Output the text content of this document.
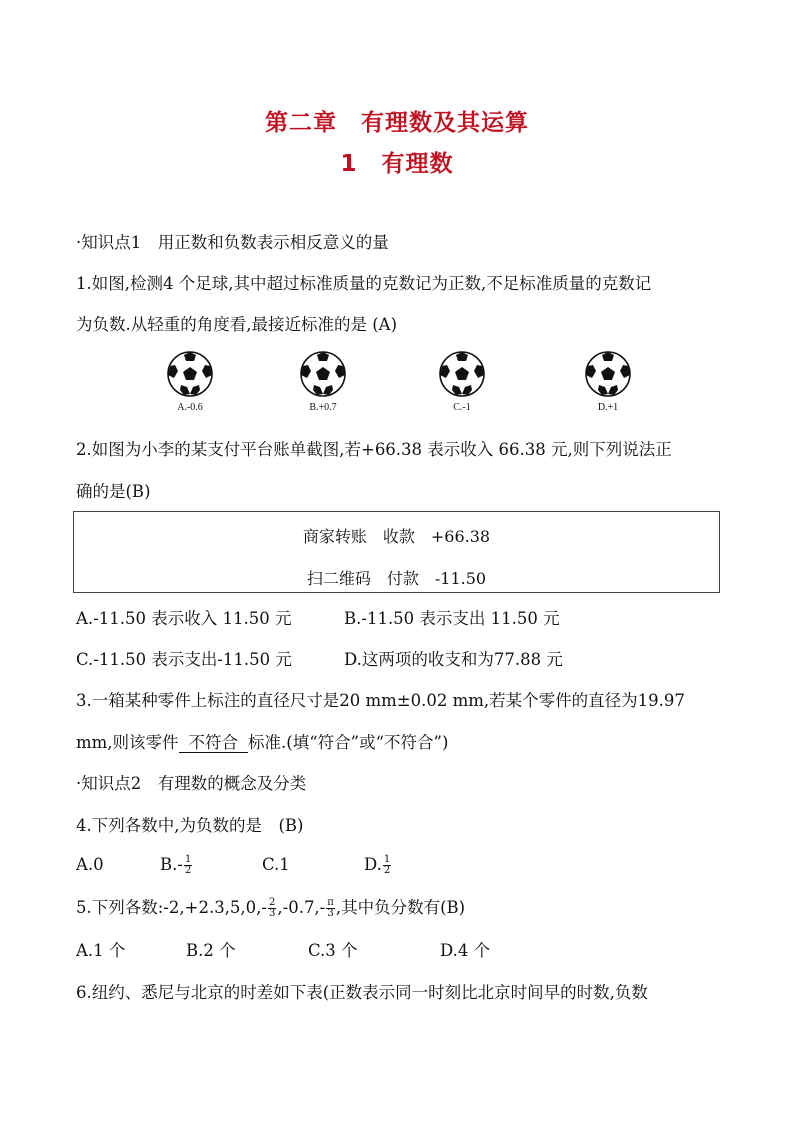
第二章　有理数及其运算
1　有理数
·知识点1　用正数和负数表示相反意义的量
1.如图,检测4 个足球,其中超过标准质量的克数记为正数,不足标准质量的克数记
为负数.从轻重的角度看,最接近标准的是 (A)
A.-0.6	B.+0.7	C.-1	D.+1
2.如图为小李的某支付平台账单截图,若+66.38 表示收入 66.38 元,则下列说法正
确的是(B)
商家转账　收款　+66.38
扫二维码　付款　-11.50
A.-11.50 表示收入 11.50 元	B.-11.50 表示支出 11.50 元
C.-11.50 表示支出-11.50 元	D.这两项的收支和为77.88 元
3.一箱某种零件上标注的直径尺寸是20 mm±0.02 mm,若某个零件的直径为19.97
mm,则该零件 不符合 标准.(填“符合”或“不符合”)
·知识点2　有理数的概念及分类
4.下列各数中,为负数的是　(B)
A.0	$B.- \frac{1}{2}$	C.1	D. $\frac{1}{2}$
5.下列各数:-2,+2.3,5,0,- $\frac{2}{3} ,-0.7,- \frac{\pi}{3}$ ,其中负分数有(B)
A.1 个	B.2 个	C.3 个	D.4 个
6.纽约、悉尼与北京的时差如下表(正数表示同一时刻比北京时间早的时数,负数
